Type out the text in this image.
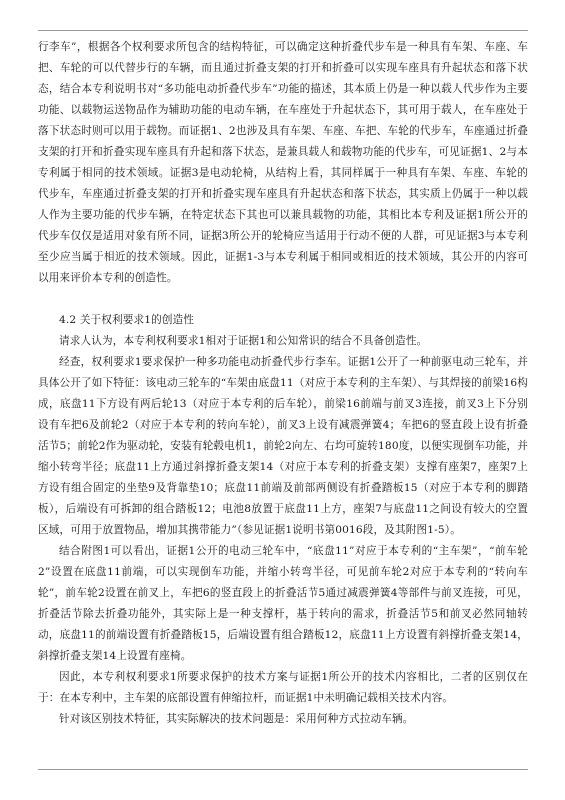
行李车”，根据各个权利要求所包含的结构特征，可以确定这种折叠代步车是一种具有车架、车座、车把、车轮的可以代替步行的车辆，而且通过折叠支架的打开和折叠可以实现车座具有升起状态和落下状态，结合本专利说明书对“多功能电动折叠代步车”功能的描述，其本质上仍是一种以载人代步作为主要功能、以载物运送物品作为辅助功能的电动车辆，在车座处于升起状态下，其可用于载人，在车座处于落下状态时则可以用于载物。而证据1、2也涉及具有车架、车座、车把、车轮的代步车，车座通过折叠支架的打开和折叠实现车座具有升起和落下状态，是兼具载人和载物功能的代步车，可见证据1、2与本专利属于相同的技术领域。证据3是电动轮椅，从结构上看，其同样属于一种具有车架、车座、车轮的代步车，车座通过折叠支架的打开和折叠实现车座具有升起状态和落下状态，其实质上仍属于一种以载人作为主要功能的代步车辆，在特定状态下其也可以兼具载物的功能，其相比本专利及证据1所公开的代步车仅仅是适用对象有所不同，证据3所公开的轮椅应当适用于行动不便的人群，可见证据3与本专利至少应当属于相近的技术领域。因此，证据1-3与本专利属于相同或相近的技术领域，其公开的内容可以用来评价本专利的创造性。

4.2 关于权利要求1的创造性

请求人认为，本专利权利要求1相对于证据1和公知常识的结合不具备创造性。

经查，权利要求1要求保护一种多功能电动折叠代步行李车。证据1公开了一种前驱电动三轮车，并具体公开了如下特征：该电动三轮车的“车架由底盘11（对应于本专利的主车架）、与其焊接的前梁16构成，底盘11下方设有两后轮13（对应于本专利的后车轮），前梁16前端与前叉3连接，前叉3上下分别设有车把6及前轮2（对应于本专利的转向车轮），前叉3上设有减震弹簧4；车把6的竖直段上设有折叠活节5；前轮2作为驱动轮，安装有轮毂电机1，前轮2向左、右均可旋转180度，以便实现倒车功能，并缩小转弯半径；底盘11上方通过斜撑折叠支架14（对应于本专利的折叠支架）支撑有座架7，座架7上方设有组合固定的坐垫9及背靠垫10；底盘11前端及前部两侧设有折叠踏板15（对应于本专利的脚踏板），后端设有可拆卸的组合踏板12；电池8放置于底盘11上方，座架7与底盘11之间设有较大的空置区域，可用于放置物品，增加其携带能力”（参见证据1说明书第0016段，及其附图1-5）。

结合附图1可以看出，证据1公开的电动三轮车中，“底盘11”对应于本专利的“主车架”，“前车轮2”设置在底盘11前端，可以实现倒车功能，并缩小转弯半径，可见前车轮2对应于本专利的“转向车轮”，前车轮2设置在前叉上，车把6的竖直段上的折叠活节5通过减震弹簧4等部件与前叉连接，可见，折叠活节除去折叠功能外，其实际上是一种支撑杆，基于转向的需求，折叠活节5和前叉必然同轴转动，底盘11的前端设置有折叠踏板15，后端设置有组合踏板12，底盘11上方设置有斜撑折叠支架14，斜撑折叠支架14上设置有座椅。

因此，本专利权利要求1所要求保护的技术方案与证据1所公开的技术内容相比，二者的区别仅在于：在本专利中，主车架的底部设置有伸缩拉杆，而证据1中未明确记载相关技术内容。

针对该区别技术特征，其实际解决的技术问题是：采用何种方式拉动车辆。
